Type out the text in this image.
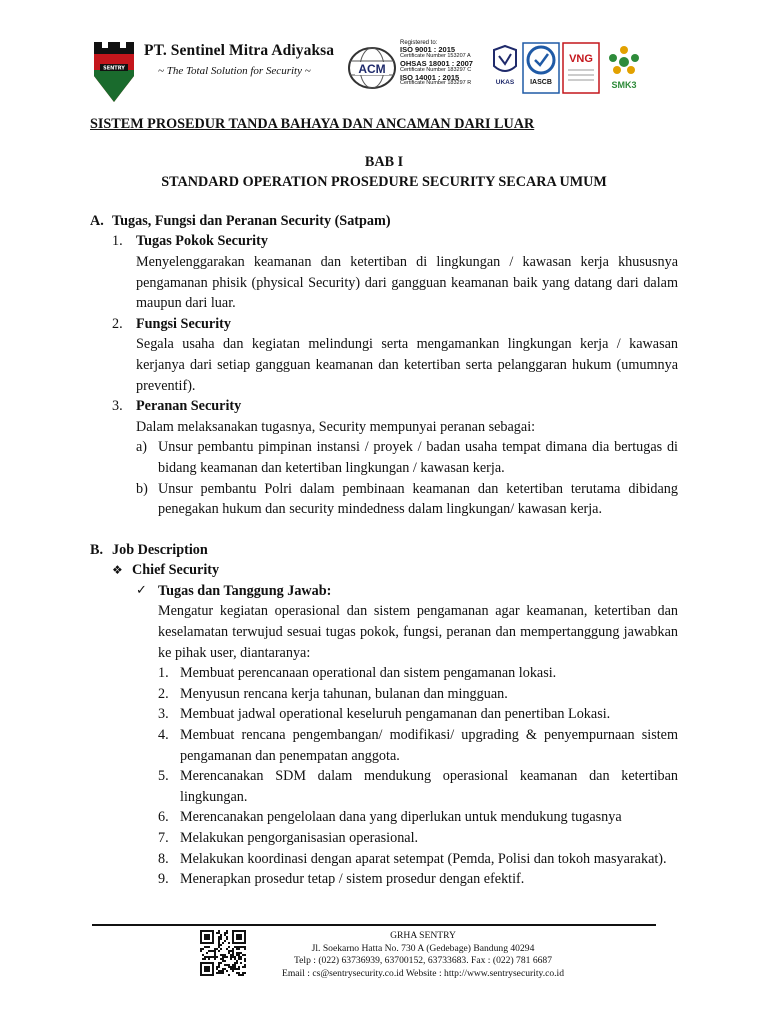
SENTRY
PT. Sentinel Mitra Adiyaksa
~ The Total Solution for Security ~	ACM
Registered to:
ISO 9001 : 2015
Certificate Number 153207 A
OHSAS 18001 : 2007
Certificate Number 183297 C
ISO 14001 : 2015
Certificate Number 183297 R	UKAS IASCB
VNG
SMK3
SISTEM PROSEDUR TANDA BAHAYA DAN ANCAMAN DARI LUAR
BAB I
STANDARD OPERATION PROSEDURE SECURITY SECARA UMUM
A. Tugas, Fungsi dan Peranan Security (Satpam)
1. Tugas Pokok Security
Menyelenggarakan keamanan dan ketertiban di lingkungan / kawasan kerja khususnya pengamanan phisik (physical Security) dari gangguan keamanan baik yang datang dari dalam maupun dari luar.
2. Fungsi Security
Segala usaha dan kegiatan melindungi serta mengamankan lingkungan kerja / kawasan kerjanya dari setiap gangguan keamanan dan ketertiban serta pelanggaran hukum (umumnya preventif).
3. Peranan Security
Dalam melaksanakan tugasnya, Security mempunyai peranan sebagai:
a) Unsur pembantu pimpinan instansi / proyek / badan usaha tempat dimana dia bertugas di bidang keamanan dan ketertiban lingkungan / kawasan kerja.
b) Unsur pembantu Polri dalam pembinaan keamanan dan ketertiban terutama dibidang penegakan hukum dan security mindedness dalam lingkungan/ kawasan kerja.
B. Job Description
❖ Chief Security
✓ Tugas dan Tanggung Jawab:
Mengatur kegiatan operasional dan sistem pengamanan agar keamanan, ketertiban dan keselamatan terwujud sesuai tugas pokok, fungsi, peranan dan mempertanggung jawabkan ke pihak user, diantaranya:
1. Membuat perencanaan operational dan sistem pengamanan lokasi.
2. Menyusun rencana kerja tahunan, bulanan dan mingguan.
3. Membuat jadwal operational keseluruh pengamanan dan penertiban Lokasi.
4. Membuat rencana pengembangan/ modifikasi/ upgrading & penyempurnaan sistem pengamanan dan penempatan anggota.
5. Merencanakan SDM dalam mendukung operasional keamanan dan ketertiban lingkungan.
6. Merencanakan pengelolaan dana yang diperlukan untuk mendukung tugasnya
7. Melakukan pengorganisasian operasional.
8. Melakukan koordinasi dengan aparat setempat (Pemda, Polisi dan tokoh masyarakat).
9. Menerapkan prosedur tetap / sistem prosedur dengan efektif.
GRHA SENTRY
Jl. Soekarno Hatta No. 730 A (Gedebage) Bandung 40294
Telp : (022) 63736939, 63700152, 63733683. Fax : (022) 781 6687
Email : cs@sentrysecurity.co.id Website : http://www.sentrysecurity.co.id
